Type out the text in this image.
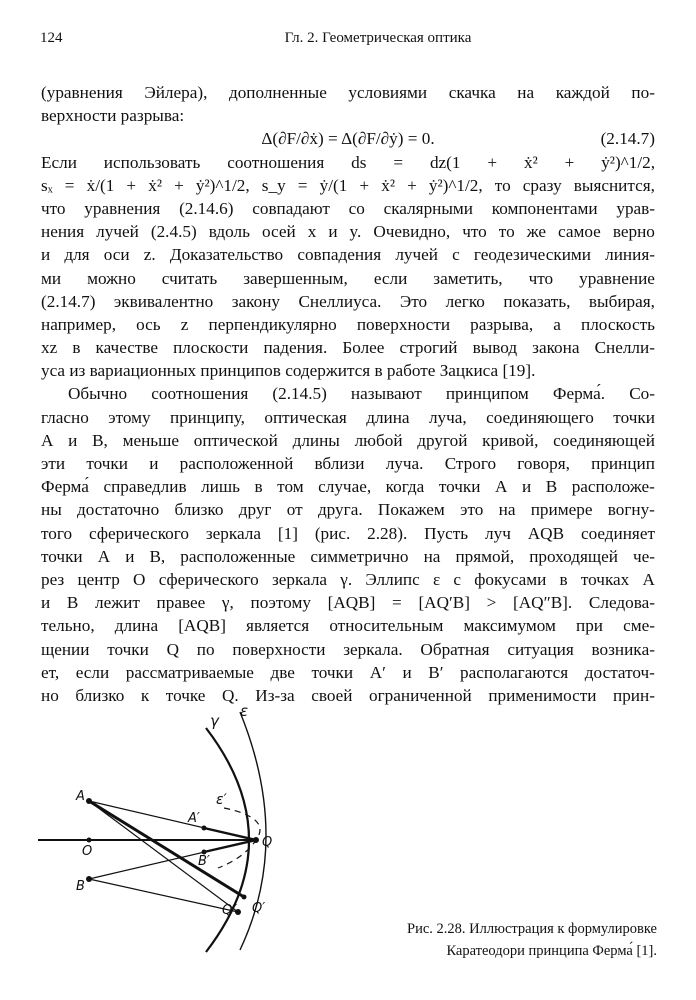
124	Гл. 2. Геометрическая оптика
(уравнения Эйлера), дополненные условиями скачка на каждой по-
верхности разрыва:
Δ(∂F/∂ẋ) = Δ(∂F/∂ẏ) = 0.	(2.14.7)
Если использовать соотношения ds = dz(1 + ẋ² + ẏ²)^1/2,
sₓ = ẋ/(1 + ẋ² + ẏ²)^1/2, s_y = ẏ/(1 + ẋ² + ẏ²)^1/2, то сразу выяснится,
что уравнения (2.14.6) совпадают со скалярными компонентами урав-
нения лучей (2.4.5) вдоль осей x и y. Очевидно, что то же самое верно
и для оси z. Доказательство совпадения лучей с геодезическими линия-
ми можно считать завершенным, если заметить, что уравнение
(2.14.7) эквивалентно закону Снеллиуса. Это легко показать, выбирая,
например, ось z перпендикулярно поверхности разрыва, а плоскость
xz в качестве плоскости падения. Более строгий вывод закона Снелли-
уса из вариационных принципов содержится в работе Зацкиса [19].
Обычно соотношения (2.14.5) называют принципом Ферма́. Со-
гласно этому принципу, оптическая длина луча, соединяющего точки
A и B, меньше оптической длины любой другой кривой, соединяющей
эти точки и расположенной вблизи луча. Строго говоря, принцип
Ферма́ справедлив лишь в том случае, когда точки A и B расположе-
ны достаточно близко друг от друга. Покажем это на примере вогну-
того сферического зеркала [1] (рис. 2.28). Пусть луч AQB соединяет
точки A и B, расположенные симметрично на прямой, проходящей че-
рез центр O сферического зеркала γ. Эллипс ε с фокусами в точках A
и B лежит правее γ, поэтому [AQB] = [AQ′B] > [AQ″B]. Следова-
тельно, длина [AQB] является относительным максимумом при сме-
щении точки Q по поверхности зеркала. Обратная ситуация возникa-
ет, если рассматриваемые две точки A′ и B′ располагаются достаточ-
но близко к точке Q. Из-за своей ограниченной применимости прин-
A
B
O
Q
A′
B′
Q′
Q″
γ
ε
ε′
Рис. 2.28. Иллюстрация к формулировке
Каратеодори принципа Ферма́ [1].
